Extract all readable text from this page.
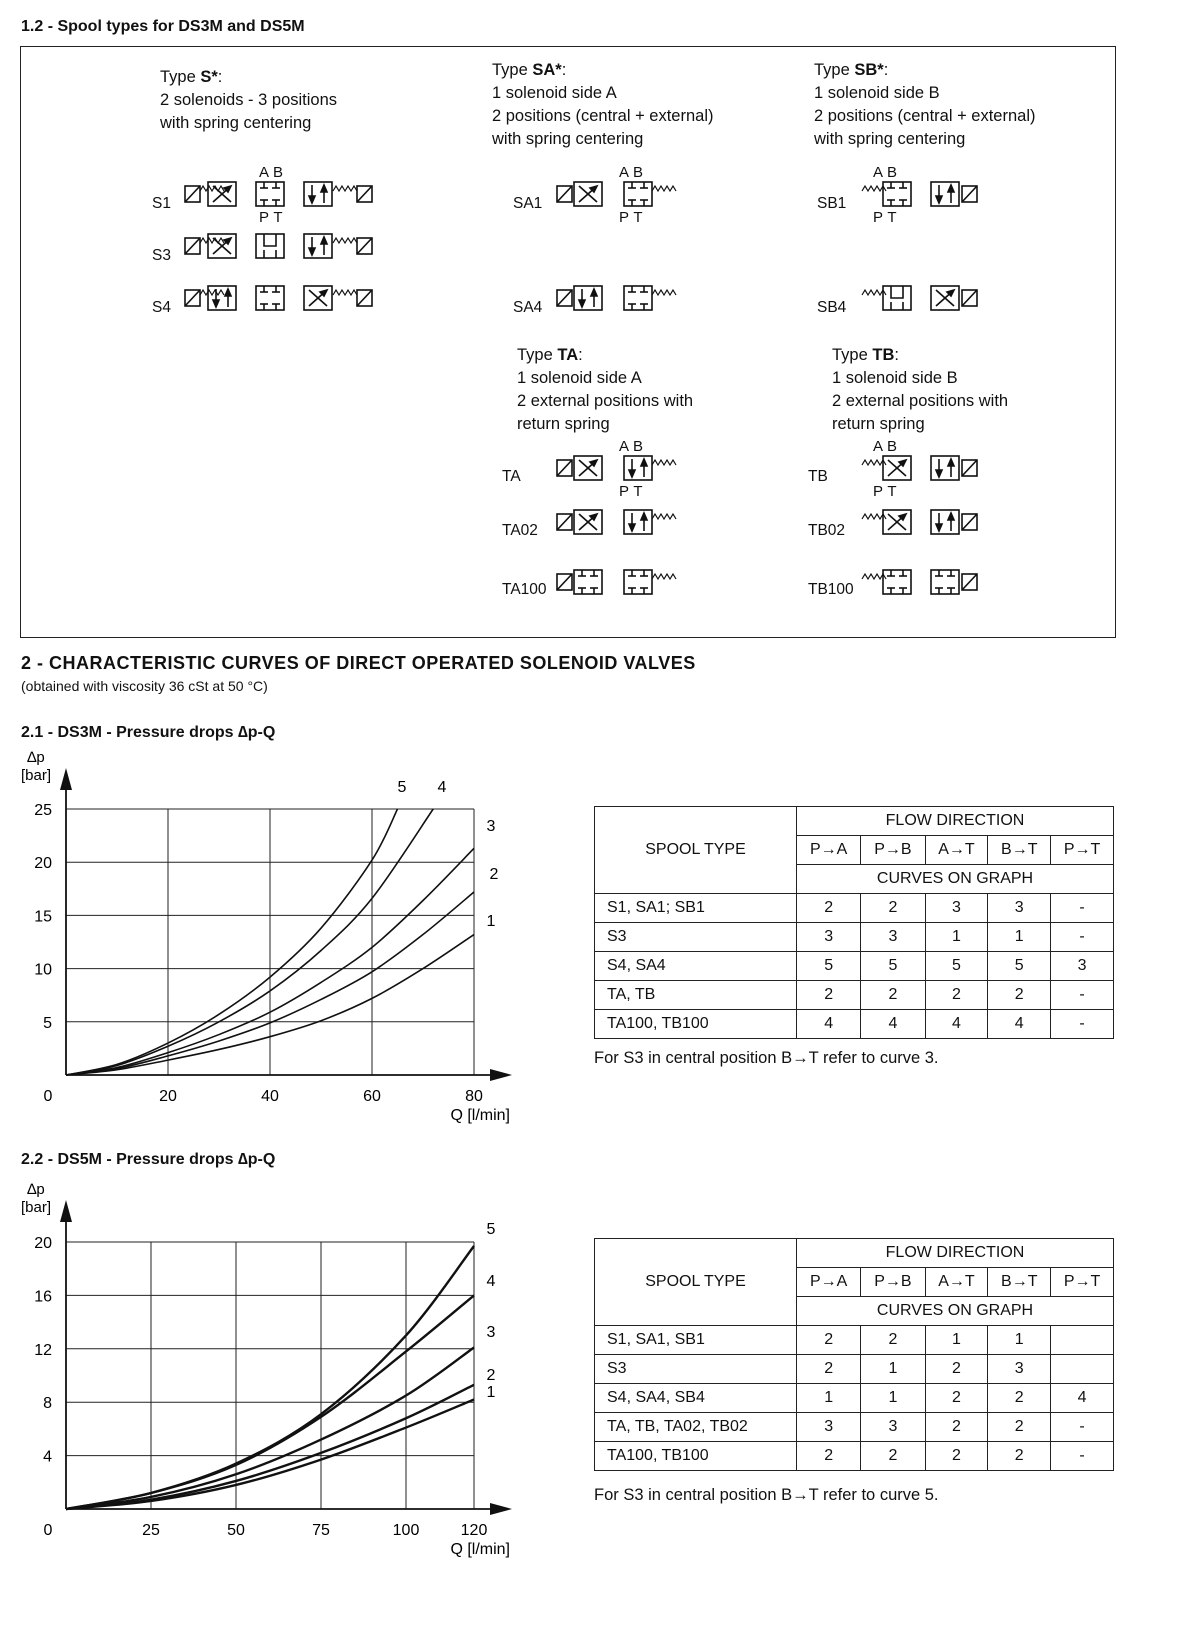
1.2 - Spool types for DS3M and DS5M
Type S*:
2 solenoids - 3 positions
with spring centering
Type SA*:
1 solenoid side A
2 positions (central + external)
with spring centering
Type SB*:
1 solenoid side B
2 positions (central + external)
with spring centering
Type TA:
1 solenoid side A
2 external positions with
return spring
Type TB:
1 solenoid side B
2 external positions with
return spring
S1
S3
S4
SA1
SA4
SB1
SB4
TA
TA02
TA100
TB
TB02
TB100
A B
P T
A B
P T
A B
P T
A B
P T
A B
P T
2 - CHARACTERISTIC CURVES OF DIRECT OPERATED SOLENOID VALVES
(obtained with viscosity 36 cSt at 50 °C)
2.1 - DS3M - Pressure drops ∆p-Q
0	20	40	60	80
5
10
15
20
25
∆p
[bar]
Q [l/min]
1
2
3
4
5
SPOOL TYPE	FLOW DIRECTION				
	P→A	P→B	A→T	B→T	P→T
	CURVES ON GRAPH				
S1, SA1; SB1	2	2	3	3	-
S3	3	3	1	1	-
S4, SA4	5	5	5	5	3
TA, TB	2	2	2	2	-
TA100, TB100	4	4	4	4	-
For S3 in central position B→T refer to curve 3.
2.2 - DS5M - Pressure drops ∆p-Q
0	25	50	75	100	120
4
8
12
16
20
∆p
[bar]
Q [l/min]
1
2
3
4
5
SPOOL TYPE	FLOW DIRECTION				
	P→A	P→B	A→T	B→T	P→T
	CURVES ON GRAPH				
S1, SA1, SB1	2	2	1	1	
S3	2	1	2	3	
S4, SA4, SB4	1	1	2	2	4
TA, TB, TA02, TB02	3	3	2	2	-
TA100, TB100	2	2	2	2	-
For S3 in central position B→T refer to curve 5.
